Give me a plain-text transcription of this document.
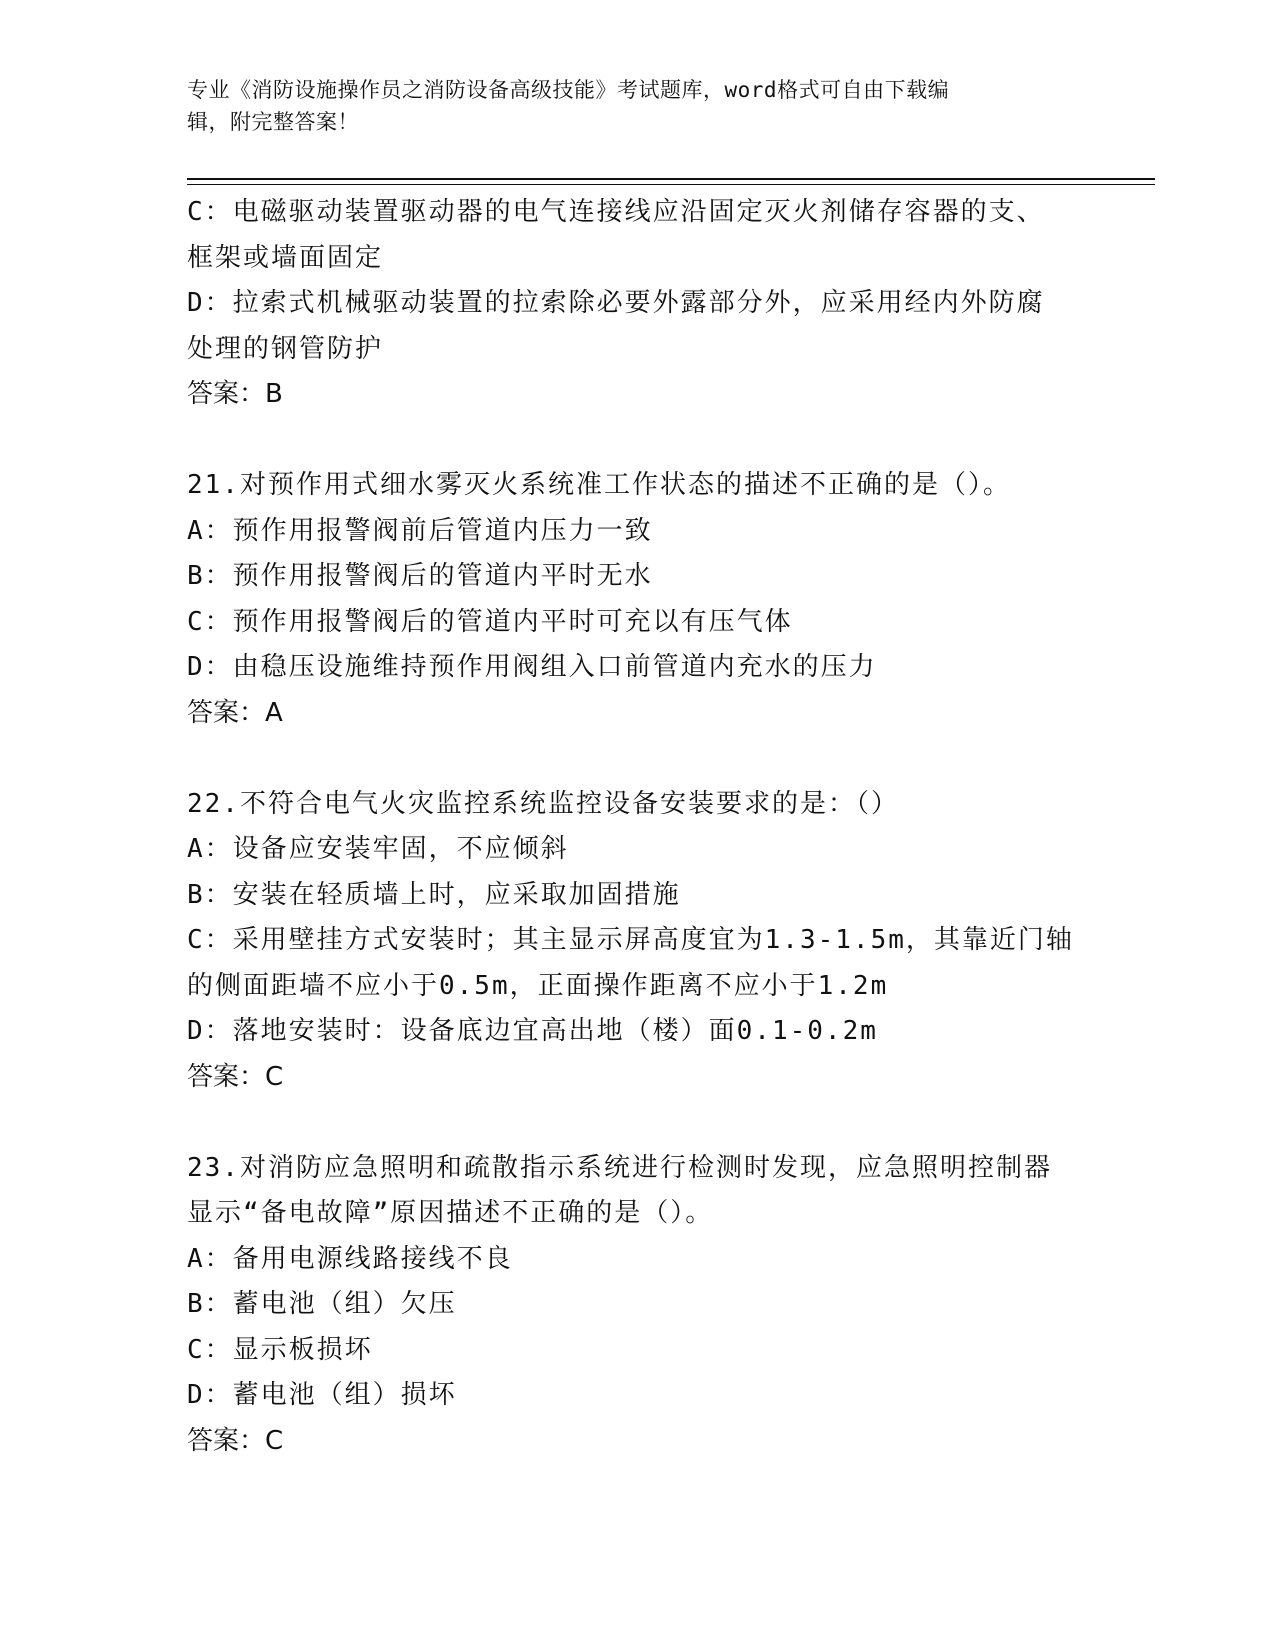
专业《消防设施操作员之消防设备高级技能》考试题库，word格式可自由下载编
辑，附完整答案！
C：电磁驱动装置驱动器的电气连接线应沿固定灭火剂储存容器的支、
框架或墙面固定
D：拉索式机械驱动装置的拉索除必要外露部分外，应采用经内外防腐
处理的钢管防护
答案：B
21.对预作用式细水雾灭火系统准工作状态的描述不正确的是（）。
A：预作用报警阀前后管道内压力一致
B：预作用报警阀后的管道内平时无水
C：预作用报警阀后的管道内平时可充以有压气体
D：由稳压设施维持预作用阀组入口前管道内充水的压力
答案：A
22.不符合电气火灾监控系统监控设备安装要求的是：（）
A：设备应安装牢固，不应倾斜
B：安装在轻质墙上时，应采取加固措施
C：采用壁挂方式安装时；其主显示屏高度宜为1.3-1.5m，其靠近门轴
的侧面距墙不应小于0.5m，正面操作距离不应小于1.2m
D：落地安装时：设备底边宜高出地（楼）面0.1-0.2m
答案：C
23.对消防应急照明和疏散指示系统进行检测时发现，应急照明控制器
显示“备电故障”原因描述不正确的是（）。
A：备用电源线路接线不良
B：蓄电池（组）欠压
C：显示板损坏
D：蓄电池（组）损坏
答案：C
